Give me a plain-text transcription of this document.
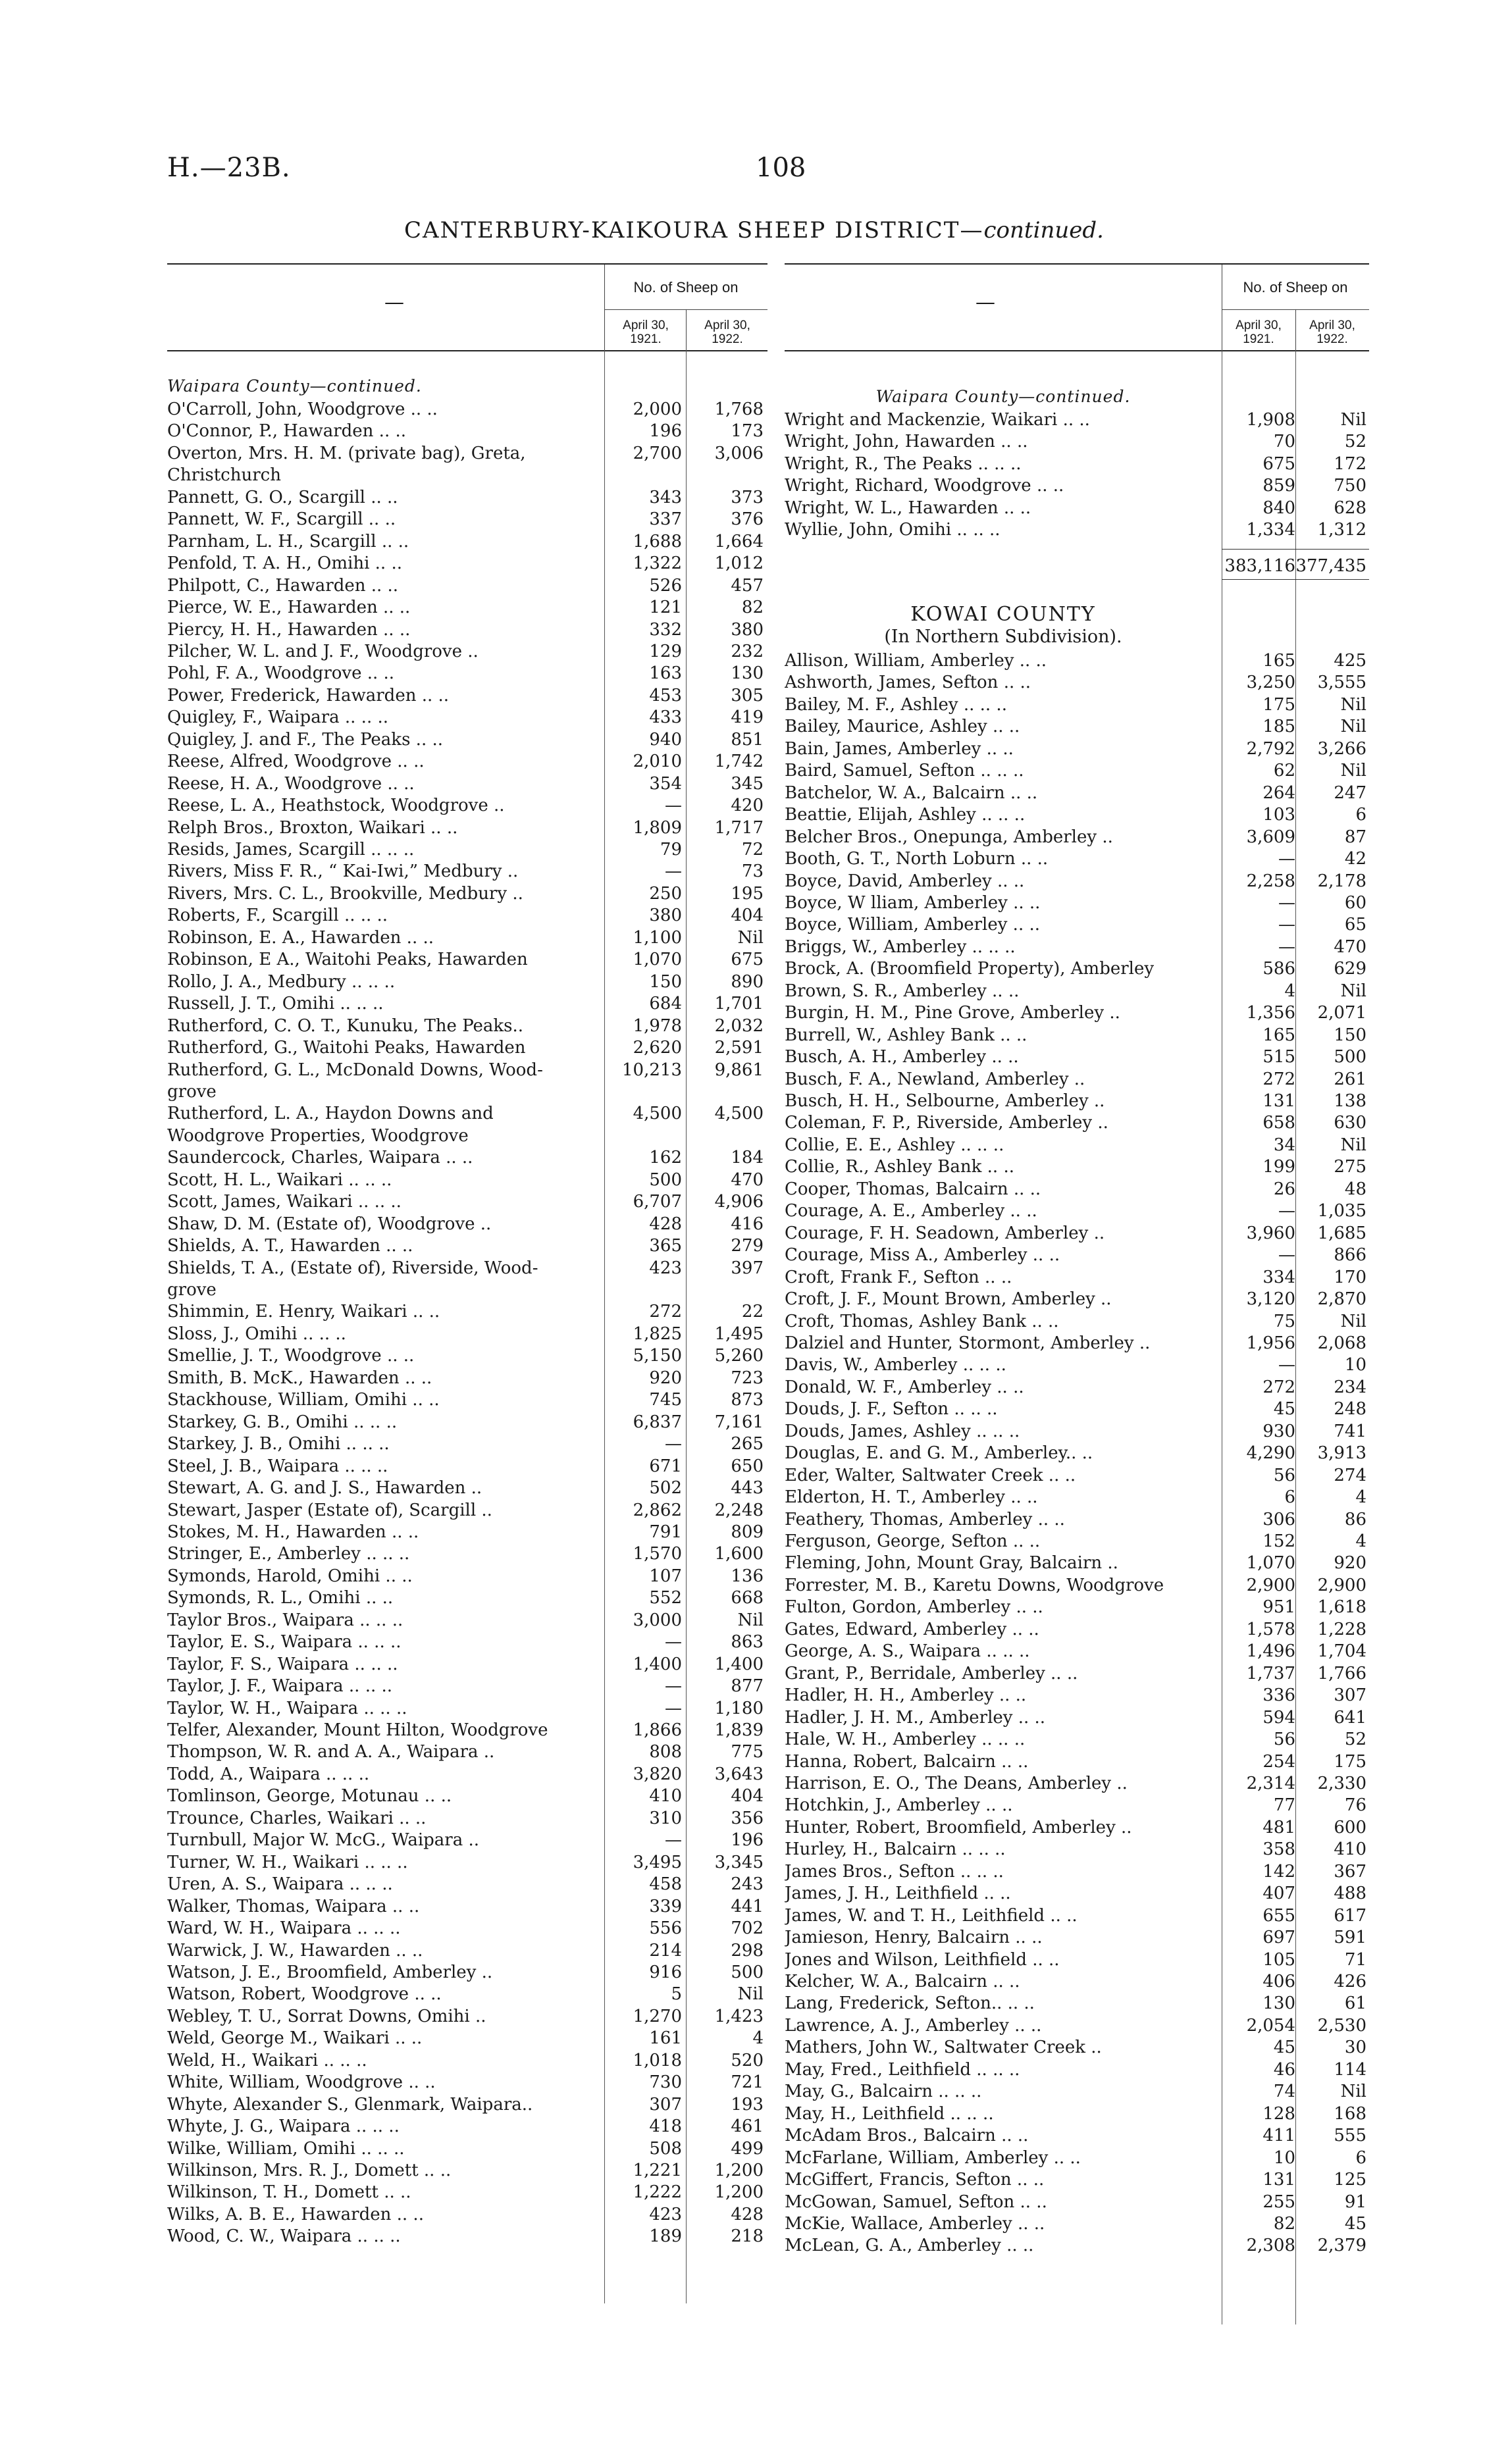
H.—23B.	108
CANTERBURY-KAIKOURA SHEEP DISTRICT—continued.
—
No. of Sheep on
April 30, 1921.
April 30, 1922.
Waipara County—continued.
O'Carroll, John, Woodgrove .. ..	2,000 1,768
O'Connor, P., Hawarden .. ..	196	173
Overton, Mrs. H. M. (private bag), Greta,	2,700 3,006
Christchurch
Pannett, G. O., Scargill .. ..	343	373
Pannett, W. F., Scargill .. ..	337	376
Parnham, L. H., Scargill .. ..	1,688 1,664
Penfold, T. A. H., Omihi .. ..	1,322 1,012
Philpott, C., Hawarden .. ..	526	457
Pierce, W. E., Hawarden .. ..	121	82
Piercy, H. H., Hawarden .. ..	332	380
Pilcher, W. L. and J. F., Woodgrove ..	129	232
Pohl, F. A., Woodgrove .. ..	163	130
Power, Frederick, Hawarden .. ..	453	305
Quigley, F., Waipara .. .. ..	433	419
Quigley, J. and F., The Peaks .. ..	940	851
Reese, Alfred, Woodgrove .. ..	2,010 1,742
Reese, H. A., Woodgrove .. ..	354	345
Reese, L. A., Heathstock, Woodgrove ..	—	420
Relph Bros., Broxton, Waikari .. ..	1,809 1,717
Resids, James, Scargill .. .. ..	79	72
Rivers, Miss F. R., “ Kai-Iwi,” Medbury ..	—	73
Rivers, Mrs. C. L., Brookville, Medbury ..	250	195
Roberts, F., Scargill .. .. ..	380	404
Robinson, E. A., Hawarden .. ..	1,100	Nil
Robinson, E A., Waitohi Peaks, Hawarden	1,070	675
Rollo, J. A., Medbury .. .. ..	150	890
Russell, J. T., Omihi .. .. ..	684 1,701
Rutherford, C. O. T., Kunuku, The Peaks..	1,978 2,032
Rutherford, G., Waitohi Peaks, Hawarden	2,620 2,591
Rutherford, G. L., McDonald Downs, Wood-	10,213 9,861
grove
Rutherford, L. A., Haydon Downs and	4,500 4,500
Woodgrove Properties, Woodgrove
Saundercock, Charles, Waipara .. ..	162	184
Scott, H. L., Waikari .. .. ..	500	470
Scott, James, Waikari .. .. ..	6,707 4,906
Shaw, D. M. (Estate of), Woodgrove ..	428	416
Shields, A. T., Hawarden .. ..	365	279
Shields, T. A., (Estate of), Riverside, Wood-	423	397
grove
Shimmin, E. Henry, Waikari .. ..	272	22
Sloss, J., Omihi .. .. ..	1,825 1,495
Smellie, J. T., Woodgrove .. ..	5,150 5,260
Smith, B. McK., Hawarden .. ..	920	723
Stackhouse, William, Omihi .. ..	745	873
Starkey, G. B., Omihi .. .. ..	6,837 7,161
Starkey, J. B., Omihi .. .. ..	—	265
Steel, J. B., Waipara .. .. ..	671	650
Stewart, A. G. and J. S., Hawarden ..	502	443
Stewart, Jasper (Estate of), Scargill ..	2,862 2,248
Stokes, M. H., Hawarden .. ..	791	809
Stringer, E., Amberley .. .. ..	1,570 1,600
Symonds, Harold, Omihi .. ..	107	136
Symonds, R. L., Omihi .. ..	552	668
Taylor Bros., Waipara .. .. ..	3,000	Nil
Taylor, E. S., Waipara .. .. ..	—	863
Taylor, F. S., Waipara .. .. ..	1,400 1,400
Taylor, J. F., Waipara .. .. ..	—	877
Taylor, W. H., Waipara .. .. ..	— 1,180
Telfer, Alexander, Mount Hilton, Woodgrove	1,866 1,839
Thompson, W. R. and A. A., Waipara ..	808	775
Todd, A., Waipara .. .. ..	3,820 3,643
Tomlinson, George, Motunau .. ..	410	404
Trounce, Charles, Waikari .. ..	310	356
Turnbull, Major W. McG., Waipara ..	—	196
Turner, W. H., Waikari .. .. ..	3,495 3,345
Uren, A. S., Waipara .. .. ..	458	243
Walker, Thomas, Waipara .. ..	339	441
Ward, W. H., Waipara .. .. ..	556	702
Warwick, J. W., Hawarden .. ..	214	298
Watson, J. E., Broomfield, Amberley ..	916	500
Watson, Robert, Woodgrove .. ..	5	Nil
Webley, T. U., Sorrat Downs, Omihi ..	1,270 1,423
Weld, George M., Waikari .. ..	161	4
Weld, H., Waikari .. .. ..	1,018	520
White, William, Woodgrove .. ..	730	721
Whyte, Alexander S., Glenmark, Waipara..	307	193
Whyte, J. G., Waipara .. .. ..	418	461
Wilke, William, Omihi .. .. ..	508	499
Wilkinson, Mrs. R. J., Domett .. ..	1,221 1,200
Wilkinson, T. H., Domett .. ..	1,222 1,200
Wilks, A. B. E., Hawarden .. ..	423	428
Wood, C. W., Waipara .. .. ..	189	218
—
No. of Sheep on
April 30, 1921.
April 30, 1922.
Waipara County—continued.
Wright and Mackenzie, Waikari .. ..	1,908	Nil
Wright, John, Hawarden .. ..	70	52
Wright, R., The Peaks .. .. ..	675 172
Wright, Richard, Woodgrove .. ..	859 750
Wright, W. L., Hawarden .. ..	840 628
Wyllie, John, Omihi .. .. ..	1,334 1,312
383,116 377,435
KOWAI COUNTY
(In Northern Subdivision).
Allison, William, Amberley .. ..	165 425
Ashworth, James, Sefton .. ..	3,250 3,555
Bailey, M. F., Ashley .. .. ..	175	Nil
Bailey, Maurice, Ashley .. ..	185	Nil
Bain, James, Amberley .. ..	2,792 3,266
Baird, Samuel, Sefton .. .. ..	62	Nil
Batchelor, W. A., Balcairn .. ..	264 247
Beattie, Elijah, Ashley .. .. ..	103	6
Belcher Bros., Onepunga, Amberley ..	3,609	87
Booth, G. T., North Loburn .. ..	—	42
Boyce, David, Amberley .. ..	2,258 2,178
Boyce, W lliam, Amberley .. ..	—	60
Boyce, William, Amberley .. ..	—	65
Briggs, W., Amberley .. .. ..	— 470
Brock, A. (Broomfield Property), Amberley	586 629
Brown, S. R., Amberley .. ..	4	Nil
Burgin, H. M., Pine Grove, Amberley ..	1,356 2,071
Burrell, W., Ashley Bank .. ..	165 150
Busch, A. H., Amberley .. ..	515 500
Busch, F. A., Newland, Amberley ..	272 261
Busch, H. H., Selbourne, Amberley ..	131 138
Coleman, F. P., Riverside, Amberley ..	658 630
Collie, E. E., Ashley .. .. ..	34	Nil
Collie, R., Ashley Bank .. ..	199 275
Cooper, Thomas, Balcairn .. ..	26	48
Courage, A. E., Amberley .. ..	— 1,035
Courage, F. H. Seadown, Amberley ..	3,960 1,685
Courage, Miss A., Amberley .. ..	— 866
Croft, Frank F., Sefton .. ..	334 170
Croft, J. F., Mount Brown, Amberley ..	3,120 2,870
Croft, Thomas, Ashley Bank .. ..	75	Nil
Dalziel and Hunter, Stormont, Amberley ..	1,956 2,068
Davis, W., Amberley .. .. ..	—	10
Donald, W. F., Amberley .. ..	272 234
Douds, J. F., Sefton .. .. ..	45 248
Douds, James, Ashley .. .. ..	930 741
Douglas, E. and G. M., Amberley.. ..	4,290 3,913
Eder, Walter, Saltwater Creek .. ..	56 274
Elderton, H. T., Amberley .. ..	6	4
Feathery, Thomas, Amberley .. ..	306	86
Ferguson, George, Sefton .. ..	152	4
Fleming, John, Mount Gray, Balcairn ..	1,070 920
Forrester, M. B., Karetu Downs, Woodgrove	2,900 2,900
Fulton, Gordon, Amberley .. ..	951 1,618
Gates, Edward, Amberley .. ..	1,578 1,228
George, A. S., Waipara .. .. ..	1,496 1,704
Grant, P., Berridale, Amberley .. ..	1,737 1,766
Hadler, H. H., Amberley .. ..	336 307
Hadler, J. H. M., Amberley .. ..	594 641
Hale, W. H., Amberley .. .. ..	56	52
Hanna, Robert, Balcairn .. ..	254 175
Harrison, E. O., The Deans, Amberley ..	2,314 2,330
Hotchkin, J., Amberley .. ..	77	76
Hunter, Robert, Broomfield, Amberley ..	481 600
Hurley, H., Balcairn .. .. ..	358 410
James Bros., Sefton .. .. ..	142 367
James, J. H., Leithfield .. ..	407 488
James, W. and T. H., Leithfield .. ..	655 617
Jamieson, Henry, Balcairn .. ..	697 591
Jones and Wilson, Leithfield .. ..	105	71
Kelcher, W. A., Balcairn .. ..	406 426
Lang, Frederick, Sefton.. .. ..	130	61
Lawrence, A. J., Amberley .. ..	2,054 2,530
Mathers, John W., Saltwater Creek ..	45	30
May, Fred., Leithfield .. .. ..	46 114
May, G., Balcairn .. .. ..	74	Nil
May, H., Leithfield .. .. ..	128 168
McAdam Bros., Balcairn .. ..	411 555
McFarlane, William, Amberley .. ..	10	6
McGiffert, Francis, Sefton .. ..	131 125
McGowan, Samuel, Sefton .. ..	255	91
McKie, Wallace, Amberley .. ..	82	45
McLean, G. A., Amberley .. ..	2,308 2,379
